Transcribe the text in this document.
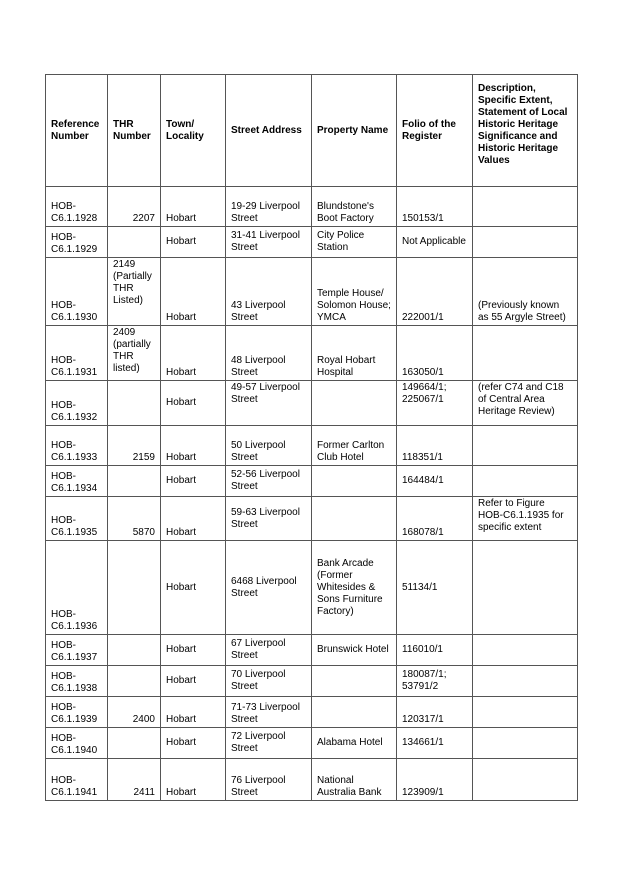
Reference Number	THR Number	Town/ Locality	Street Address	Property Name	Folio of the Register	Description, Specific Extent, Statement of Local Historic Heritage Significance and Historic Heritage Values
HOB-C6.1.1928	2207	Hobart	19-29 Liverpool Street	Blundstone's Boot Factory	150153/1	
HOB-C6.1.1929		Hobart	31-41 Liverpool Street	City Police Station	Not Applicable	
HOB-C6.1.1930	2149 (Partially THR Listed)	Hobart	43 Liverpool Street	Temple House/ Solomon House; YMCA	222001/1	(Previously known as 55 Argyle Street)
HOB-C6.1.1931	2409 (partially THR listed)	Hobart	48 Liverpool Street	Royal Hobart Hospital	163050/1	
HOB-C6.1.1932		Hobart	49-57 Liverpool Street		149664/1; 225067/1	(refer C74 and C18 of Central Area Heritage Review)
HOB-C6.1.1933	2159	Hobart	50 Liverpool Street	Former Carlton Club Hotel	118351/1	
HOB-C6.1.1934		Hobart	52-56 Liverpool Street		164484/1	
HOB-C6.1.1935	5870	Hobart	59-63 Liverpool Street		168078/1	Refer to Figure HOB-C6.1.1935 for specific extent
HOB-C6.1.1936		Hobart	6468 Liverpool Street	Bank Arcade (Former Whitesides & Sons Furniture Factory)	51134/1	
HOB-C6.1.1937		Hobart	67 Liverpool Street	Brunswick Hotel	116010/1	
HOB-C6.1.1938		Hobart	70 Liverpool Street		180087/1; 53791/2	
HOB-C6.1.1939	2400	Hobart	71-73 Liverpool Street		120317/1	
HOB-C6.1.1940		Hobart	72 Liverpool Street	Alabama Hotel	134661/1	
HOB-C6.1.1941	2411	Hobart	76 Liverpool Street	National Australia Bank	123909/1	
